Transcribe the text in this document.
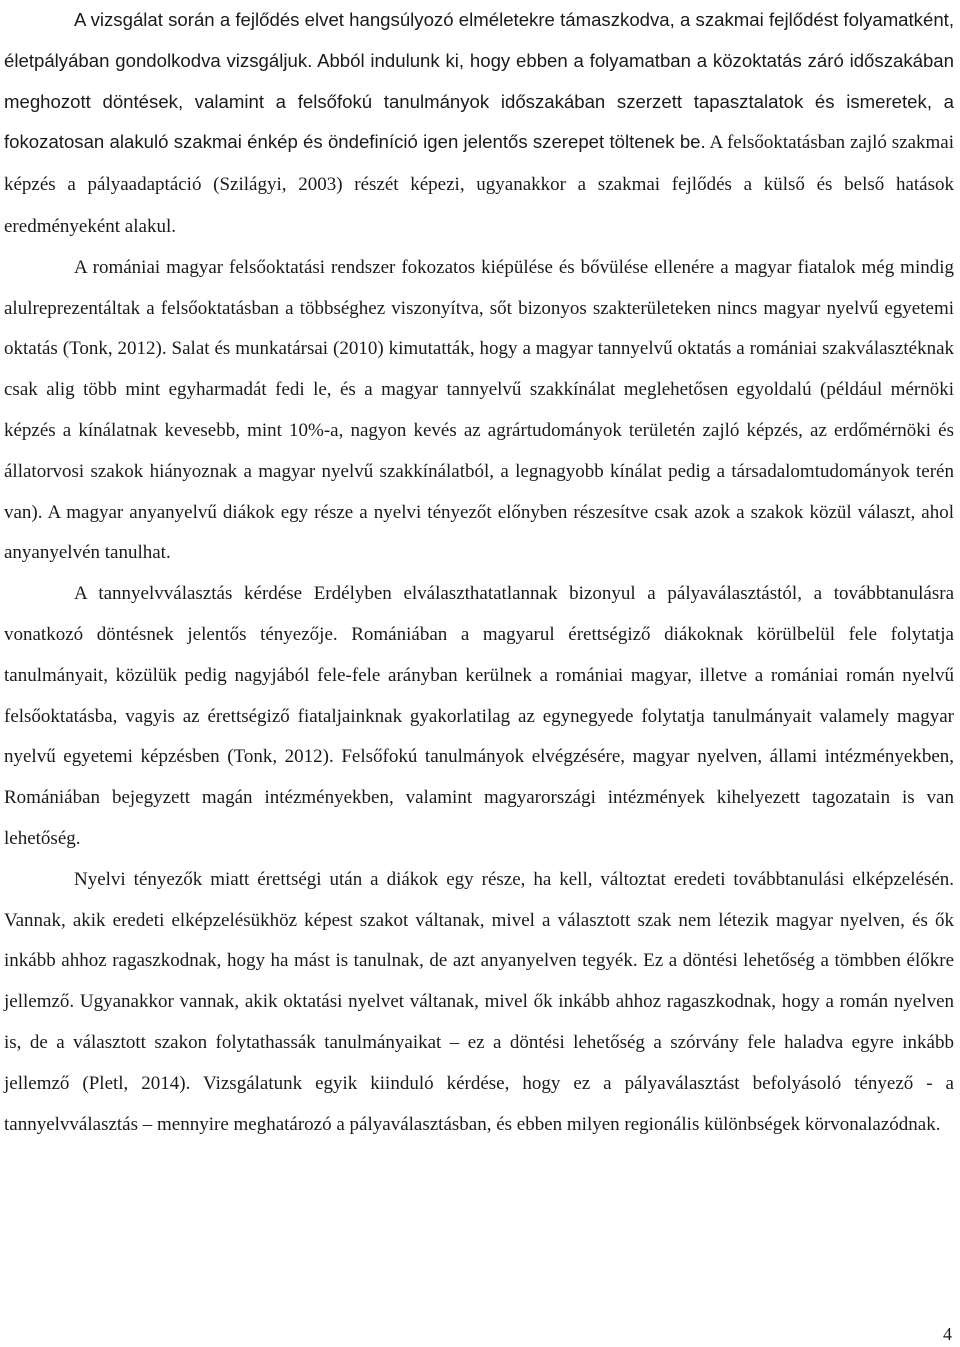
A vizsgálat során a fejlődés elvet hangsúlyozó elméletekre támaszkodva, a szakmai fejlődést folyamatként, életpályában gondolkodva vizsgáljuk. Abból indulunk ki, hogy ebben a folyamatban a közoktatás záró időszakában meghozott döntések, valamint a felsőfokú tanulmányok időszakában szerzett tapasztalatok és ismeretek, a fokozatosan alakuló szakmai énkép és öndefiníció igen jelentős szerepet töltenek be. A felsőoktatásban zajló szakmai képzés a pályaadaptáció (Szilágyi, 2003) részét képezi, ugyanakkor a szakmai fejlődés a külső és belső hatások eredményeként alakul.

A romániai magyar felsőoktatási rendszer fokozatos kiépülése és bővülése ellenére a magyar fiatalok még mindig alulreprezentáltak a felsőoktatásban a többséghez viszonyítva, sőt bizonyos szakterületeken nincs magyar nyelvű egyetemi oktatás (Tonk, 2012). Salat és munkatársai (2010) kimutatták, hogy a magyar tannyelvű oktatás a romániai szakválasztéknak csak alig több mint egyharmadát fedi le, és a magyar tannyelvű szakkínálat meglehetősen egyoldalú (például mérnöki képzés a kínálatnak kevesebb, mint 10%-a, nagyon kevés az agrártudományok területén zajló képzés, az erdőmérnöki és állatorvosi szakok hiányoznak a magyar nyelvű szakkínálatból, a legnagyobb kínálat pedig a társadalomtudományok terén van). A magyar anyanyelvű diákok egy része a nyelvi tényezőt előnyben részesítve csak azok a szakok közül választ, ahol anyanyelvén tanulhat.

A tannyelvválasztás kérdése Erdélyben elválaszthatatlannak bizonyul a pályaválasztástól, a továbbtanulásra vonatkozó döntésnek jelentős tényezője. Romániában a magyarul érettségiző diákoknak körülbelül fele folytatja tanulmányait, közülük pedig nagyjából fele-fele arányban kerülnek a romániai magyar, illetve a romániai román nyelvű felsőoktatásba, vagyis az érettségiző fiataljainknak gyakorlatilag az egynegyede folytatja tanulmányait valamely magyar nyelvű egyetemi képzésben (Tonk, 2012). Felsőfokú tanulmányok elvégzésére, magyar nyelven, állami intézményekben, Romániában bejegyzett magán intézményekben, valamint magyarországi intézmények kihelyezett tagozatain is van lehetőség.

Nyelvi tényezők miatt érettségi után a diákok egy része, ha kell, változtat eredeti továbbtanulási elképzelésén. Vannak, akik eredeti elképzelésükhöz képest szakot váltanak, mivel a választott szak nem létezik magyar nyelven, és ők inkább ahhoz ragaszkodnak, hogy ha mást is tanulnak, de azt anyanyelven tegyék. Ez a döntési lehetőség a tömbben élőkre jellemző. Ugyanakkor vannak, akik oktatási nyelvet váltanak, mivel ők inkább ahhoz ragaszkodnak, hogy a román nyelven is, de a választott szakon folytathassák tanulmányaikat – ez a döntési lehetőség a szórvány fele haladva egyre inkább jellemző (Pletl, 2014). Vizsgálatunk egyik kiinduló kérdése, hogy ez a pályaválasztást befolyásoló tényező - a tannyelvválasztás – mennyire meghatározó a pályaválasztásban, és ebben milyen regionális különbségek körvonalazódnak.

4
